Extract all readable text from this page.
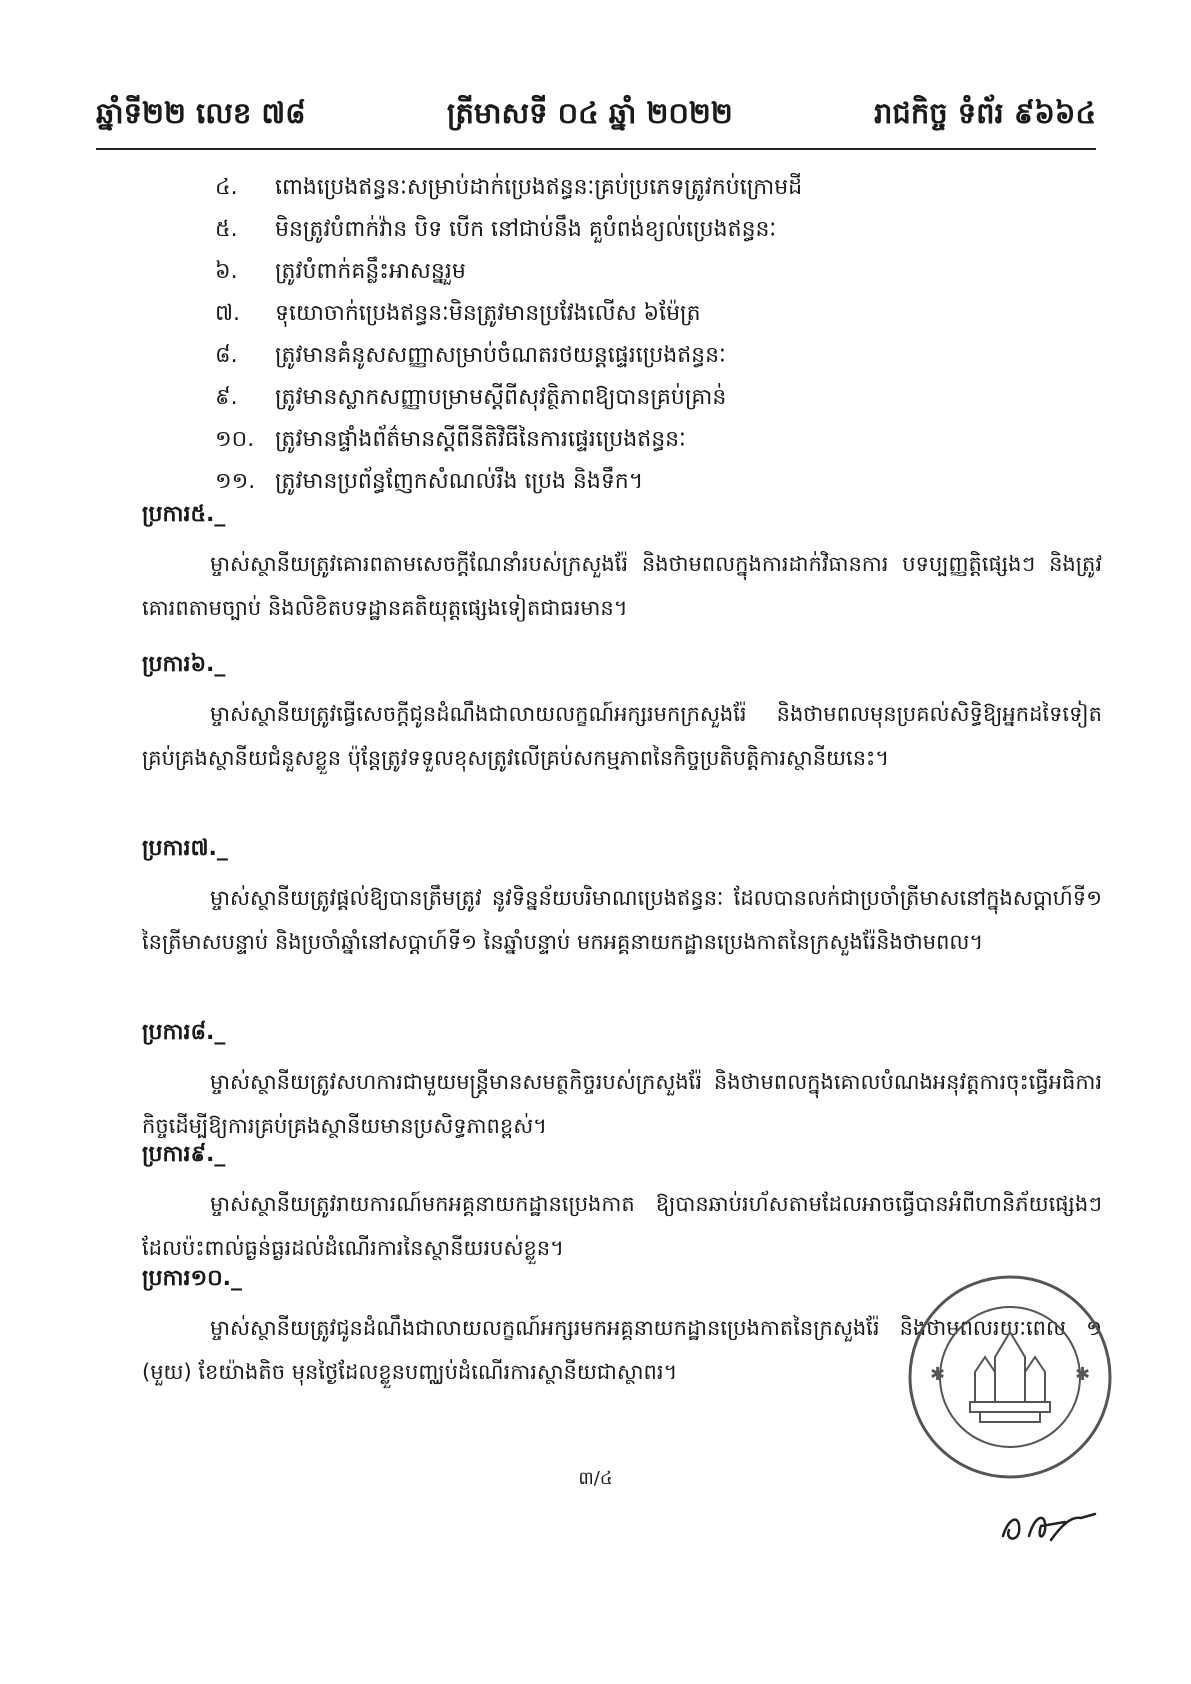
ឆ្នាំទី២២ លេខ ៧៨	ត្រីមាសទី ០៤ ឆ្នាំ ២០២២	រាជកិច្ច ទំព័រ ៩៦៦៤
៤.	ពោងប្រេងឥន្ធនៈសម្រាប់ដាក់ប្រេងឥន្ធនៈគ្រប់ប្រភេទត្រូវកប់ក្រោមដី
៥.	មិនត្រូវបំពាក់វ៉ាន បិទ បើក នៅជាប់នឹង គួបំពង់ខ្យល់ប្រេងឥន្ធនៈ
៦.	ត្រូវបំពាក់គន្លឹះអាសន្នរួម
៧.	ទុយោចាក់ប្រេងឥន្ធនៈមិនត្រូវមានប្រវែងលើស ៦ម៉ែត្រ
៨.	ត្រូវមានគំនូសសញ្ញាសម្រាប់ចំណតរថយន្តផ្ទេរប្រេងឥន្ធនៈ
៩.	ត្រូវមានស្លាកសញ្ញាបម្រាមស្តីពីសុវត្ថិភាពឱ្យបានគ្រប់គ្រាន់
១០. ត្រូវមានផ្ទាំងព័ត៌មានស្តីពីនីតិវិធីនៃការផ្ទេរប្រេងឥន្ធនៈ
១១. ត្រូវមានប្រព័ន្ធញែកសំណល់រឹង ប្រេង និងទឹក។
ប្រការ៥._
ម្ចាស់ស្ថានីយត្រូវគោរពតាមសេចក្តីណែនាំរបស់ក្រសួងរ៉ែ និងថាមពលក្នុងការដាក់វិធានការ បទប្បញ្ញត្តិផ្សេងៗ និងត្រូវគោរពតាមច្បាប់ និងលិខិតបទដ្ឋានគតិយុត្តផ្សេងទៀតជាធរមាន។
ប្រការ៦._
ម្ចាស់ស្ថានីយត្រូវធ្វើសេចក្តីជូនដំណឹងជាលាយលក្ខណ៍អក្សរមកក្រសួងរ៉ែ និងថាមពលមុនប្រគល់សិទ្ធិឱ្យអ្នកដទៃទៀតគ្រប់គ្រងស្ថានីយជំនួសខ្លួន ប៉ុន្តែត្រូវទទួលខុសត្រូវលើគ្រប់សកម្មភាពនៃកិច្ចប្រតិបត្តិការស្ថានីយនេះ។
ប្រការ៧._
ម្ចាស់ស្ថានីយត្រូវផ្តល់ឱ្យបានត្រឹមត្រូវ នូវទិន្នន័យបរិមាណប្រេងឥន្ធនៈ ដែលបានលក់ជាប្រចាំត្រីមាសនៅក្នុងសប្តាហ៍ទី១ នៃត្រីមាសបន្ទាប់ និងប្រចាំឆ្នាំនៅសប្តាហ៍ទី១ នៃឆ្នាំបន្ទាប់ មកអគ្គនាយកដ្ឋានប្រេងកាតនៃក្រសួងរ៉ែនិងថាមពល។
ប្រការ៨._
ម្ចាស់ស្ថានីយត្រូវសហការជាមួយមន្ត្រីមានសមត្ថកិច្ចរបស់ក្រសួងរ៉ែ និងថាមពលក្នុងគោលបំណងអនុវត្តការចុះធ្វើអធិការកិច្ចដើម្បីឱ្យការគ្រប់គ្រងស្ថានីយមានប្រសិទ្ធភាពខ្ពស់។
ប្រការ៩._
ម្ចាស់ស្ថានីយត្រូវរាយការណ៍មកអគ្គនាយកដ្ឋានប្រេងកាត ឱ្យបានឆាប់រហ័សតាមដែលអាចធ្វើបានអំពីហានិភ័យផ្សេងៗដែលប៉ះពាល់ធ្ងន់ធ្ងរដល់ដំណើរការនៃស្ថានីយរបស់ខ្លួន។
ប្រការ១០._
ម្ចាស់ស្ថានីយត្រូវជូនដំណឹងជាលាយលក្ខណ៍អក្សរមកអគ្គនាយកដ្ឋានប្រេងកាតនៃក្រសួងរ៉ែ និងថាមពលរយៈពេល ១ (មួយ) ខែយ៉ាងតិច មុនថ្ងៃដែលខ្លួនបញ្ឈប់ដំណើរការស្ថានីយជាស្ថាពរ។
៣/៤
✱	✱
